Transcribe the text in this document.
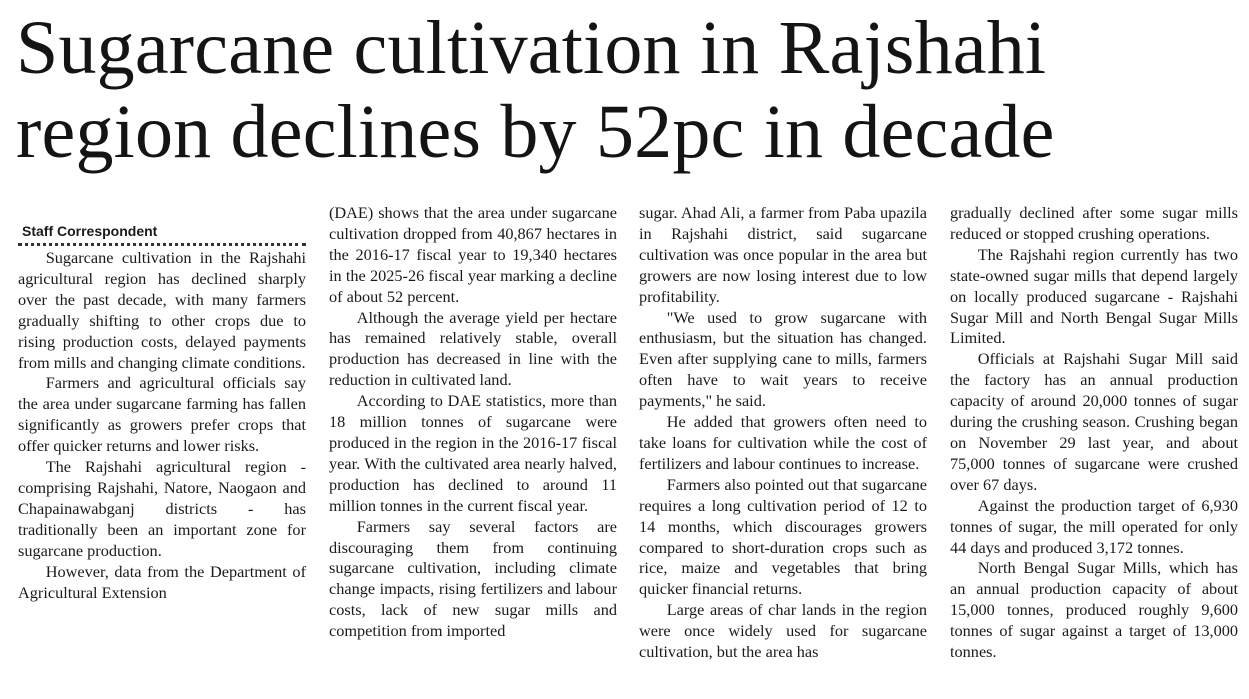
Sugarcane cultivation in Rajshahi region declines by 52pc in decade
Staff Correspondent

Sugarcane cultivation in the Rajshahi agricultural region has declined sharply over the past decade, with many farmers gradually shifting to other crops due to rising production costs, delayed payments from mills and changing climate conditions.

Farmers and agricultural officials say the area under sugarcane farming has fallen significantly as growers prefer crops that offer quicker returns and lower risks.

The Rajshahi agricultural region - comprising Rajshahi, Natore, Naogaon and Chapainawabganj districts - has traditionally been an important zone for sugarcane production.

However, data from the Department of Agricultural Extension

(DAE) shows that the area under sugarcane cultivation dropped from 40,867 hectares in the 2016-17 fiscal year to 19,340 hectares in the 2025-26 fiscal year marking a decline of about 52 percent.

Although the average yield per hectare has remained relatively stable, overall production has decreased in line with the reduction in cultivated land.

According to DAE statistics, more than 18 million tonnes of sugarcane were produced in the region in the 2016-17 fiscal year. With the cultivated area nearly halved, production has declined to around 11 million tonnes in the current fiscal year.

Farmers say several factors are discouraging them from continuing sugarcane cultivation, including climate change impacts, rising fertilizers and labour costs, lack of new sugar mills and competition from imported

sugar. Ahad Ali, a farmer from Paba upazila in Rajshahi district, said sugarcane cultivation was once popular in the area but growers are now losing interest due to low profitability.

"We used to grow sugarcane with enthusiasm, but the situation has changed. Even after supplying cane to mills, farmers often have to wait years to receive payments," he said.

He added that growers often need to take loans for cultivation while the cost of fertilizers and labour continues to increase.

Farmers also pointed out that sugarcane requires a long cultivation period of 12 to 14 months, which discourages growers compared to short-duration crops such as rice, maize and vegetables that bring quicker financial returns.

Large areas of char lands in the region were once widely used for sugarcane cultivation, but the area has

gradually declined after some sugar mills reduced or stopped crushing operations.

The Rajshahi region currently has two state-owned sugar mills that depend largely on locally produced sugarcane - Rajshahi Sugar Mill and North Bengal Sugar Mills Limited.

Officials at Rajshahi Sugar Mill said the factory has an annual production capacity of around 20,000 tonnes of sugar during the crushing season. Crushing began on November 29 last year, and about 75,000 tonnes of sugarcane were crushed over 67 days.

Against the production target of 6,930 tonnes of sugar, the mill operated for only 44 days and produced 3,172 tonnes.

North Bengal Sugar Mills, which has an annual production capacity of about 15,000 tonnes, produced roughly 9,600 tonnes of sugar against a target of 13,000 tonnes.
